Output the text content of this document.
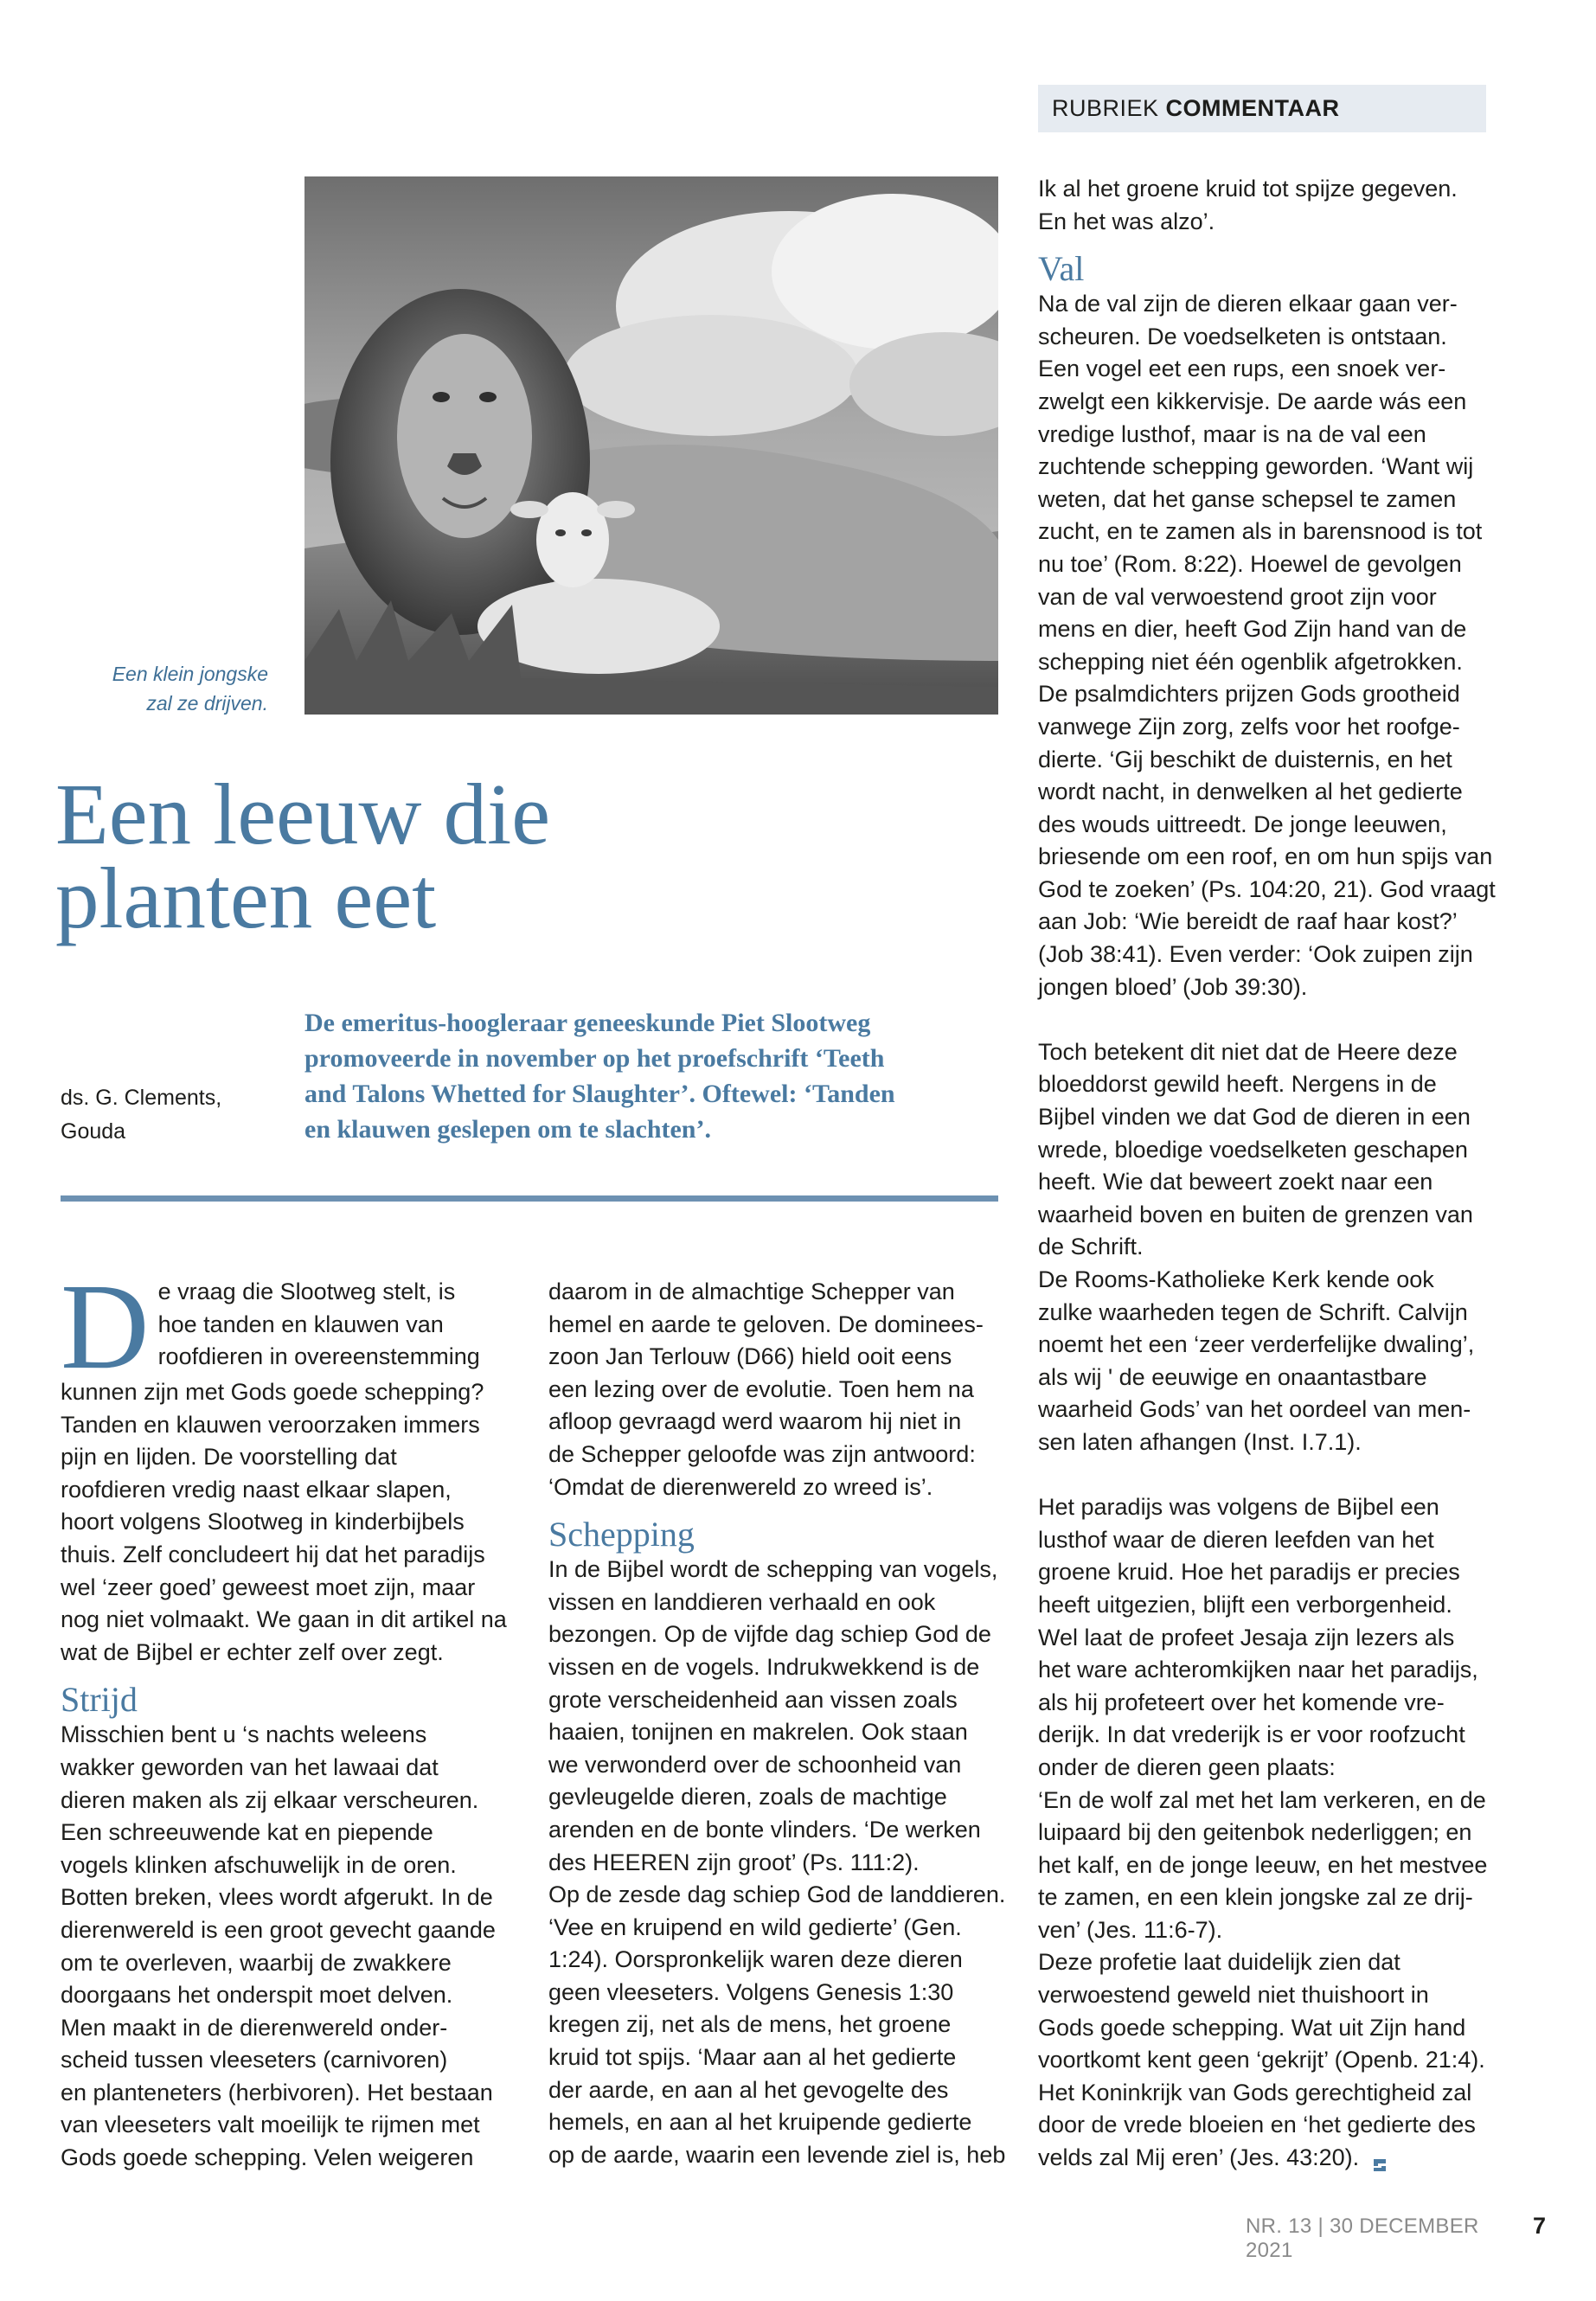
RUBRIEK COMMENTAAR
Een klein jongske
zal ze drijven.
Een leeuw die
planten eet
ds. G. Clements,
Gouda

De emeritus-hoogleraar geneeskunde Piet Slootweg
promoveerde in november op het proefschrift ‘Teeth
and Talons Whetted for Slaughter’. Oftewel: ‘Tanden
en klauwen geslepen om te slachten’.

D e vraag die Slootweg stelt, is
hoe tanden en klauwen van
roofdieren in overeenstemming
kunnen zijn met Gods goede schepping?
Tanden en klauwen veroorzaken immers
pijn en lijden. De voorstelling dat
roofdieren vredig naast elkaar slapen,
hoort volgens Slootweg in kinderbijbels
thuis. Zelf concludeert hij dat het paradijs
wel ‘zeer goed’ geweest moet zijn, maar
nog niet volmaakt. We gaan in dit artikel na
wat de Bijbel er echter zelf over zegt.
Strijd
Misschien bent u ‘s nachts weleens
wakker geworden van het lawaai dat
dieren maken als zij elkaar verscheuren.
Een schreeuwende kat en piepende
vogels klinken afschuwelijk in de oren.
Botten breken, vlees wordt afgerukt. In de
dierenwereld is een groot gevecht gaande
om te overleven, waarbij de zwakkere
doorgaans het onderspit moet delven.
Men maakt in de dierenwereld onder-
scheid tussen vleeseters (carnivoren)
en planteneters (herbivoren). Het bestaan
van vleeseters valt moeilijk te rijmen met
Gods goede schepping. Velen weigeren
daarom in de almachtige Schepper van
hemel en aarde te geloven. De dominees-
zoon Jan Terlouw (D66) hield ooit eens
een lezing over de evolutie. Toen hem na
afloop gevraagd werd waarom hij niet in
de Schepper geloofde was zijn antwoord:
‘Omdat de dierenwereld zo wreed is’.
Schepping
In de Bijbel wordt de schepping van vogels,
vissen en landdieren verhaald en ook
bezongen. Op de vijfde dag schiep God de
vissen en de vogels. Indrukwekkend is de
grote verscheidenheid aan vissen zoals
haaien, tonijnen en makrelen. Ook staan
we verwonderd over de schoonheid van
gevleugelde dieren, zoals de machtige
arenden en de bonte vlinders. ‘De werken
des HEEREN zijn groot’ (Ps. 111:2).
Op de zesde dag schiep God de landdieren.
‘Vee en kruipend en wild gedierte’ (Gen.
1:24). Oorspronkelijk waren deze dieren
geen vleeseters. Volgens Genesis 1:30
kregen zij, net als de mens, het groene
kruid tot spijs. ‘Maar aan al het gedierte
der aarde, en aan al het gevogelte des
hemels, en aan al het kruipende gedierte
op de aarde, waarin een levende ziel is, heb
Ik al het groene kruid tot spijze gegeven.
En het was alzo’.
Val
Na de val zijn de dieren elkaar gaan ver-
scheuren. De voedselketen is ontstaan.
Een vogel eet een rups, een snoek ver-
zwelgt een kikkervisje. De aarde wás een
vredige lusthof, maar is na de val een
zuchtende schepping geworden. ‘Want wij
weten, dat het ganse schepsel te zamen
zucht, en te zamen als in barensnood is tot
nu toe’ (Rom. 8:22). Hoewel de gevolgen
van de val verwoestend groot zijn voor
mens en dier, heeft God Zijn hand van de
schepping niet één ogenblik afgetrokken.
De psalmdichters prijzen Gods grootheid
vanwege Zijn zorg, zelfs voor het roofge-
dierte. ‘Gij beschikt de duisternis, en het
wordt nacht, in denwelken al het gedierte
des wouds uittreedt. De jonge leeuwen,
briesende om een roof, en om hun spijs van
God te zoeken’ (Ps. 104:20, 21). God vraagt
aan Job: ‘Wie bereidt de raaf haar kost?’
(Job 38:41). Even verder: ‘Ook zuipen zijn
jongen bloed’ (Job 39:30).
Toch betekent dit niet dat de Heere deze
bloeddorst gewild heeft. Nergens in de
Bijbel vinden we dat God de dieren in een
wrede, bloedige voedselketen geschapen
heeft. Wie dat beweert zoekt naar een
waarheid boven en buiten de grenzen van
de Schrift.
De Rooms-Katholieke Kerk kende ook
zulke waarheden tegen de Schrift. Calvijn
noemt het een ‘zeer verderfelijke dwaling’,
als wij ' de eeuwige en onaantastbare
waarheid Gods’ van het oordeel van men-
sen laten afhangen (Inst. I.7.1).
Het paradijs was volgens de Bijbel een
lusthof waar de dieren leefden van het
groene kruid. Hoe het paradijs er precies
heeft uitgezien, blijft een verborgenheid.
Wel laat de profeet Jesaja zijn lezers als
het ware achteromkijken naar het paradijs,
als hij profeteert over het komende vre-
derijk. In dat vrederijk is er voor roofzucht
onder de dieren geen plaats:
‘En de wolf zal met het lam verkeren, en de
luipaard bij den geitenbok nederliggen; en
het kalf, en de jonge leeuw, en het mestvee
te zamen, en een klein jongske zal ze drij-
ven’ (Jes. 11:6-7).
Deze profetie laat duidelijk zien dat
verwoestend geweld niet thuishoort in
Gods goede schepping. Wat uit Zijn hand
voortkomt kent geen ‘gekrijt’ (Openb. 21:4).
Het Koninkrijk van Gods gerechtigheid zal
door de vrede bloeien en ‘het gedierte des
velds zal Mij eren’ (Jes. 43:20).
NR. 13 | 30 DECEMBER 2021
7
